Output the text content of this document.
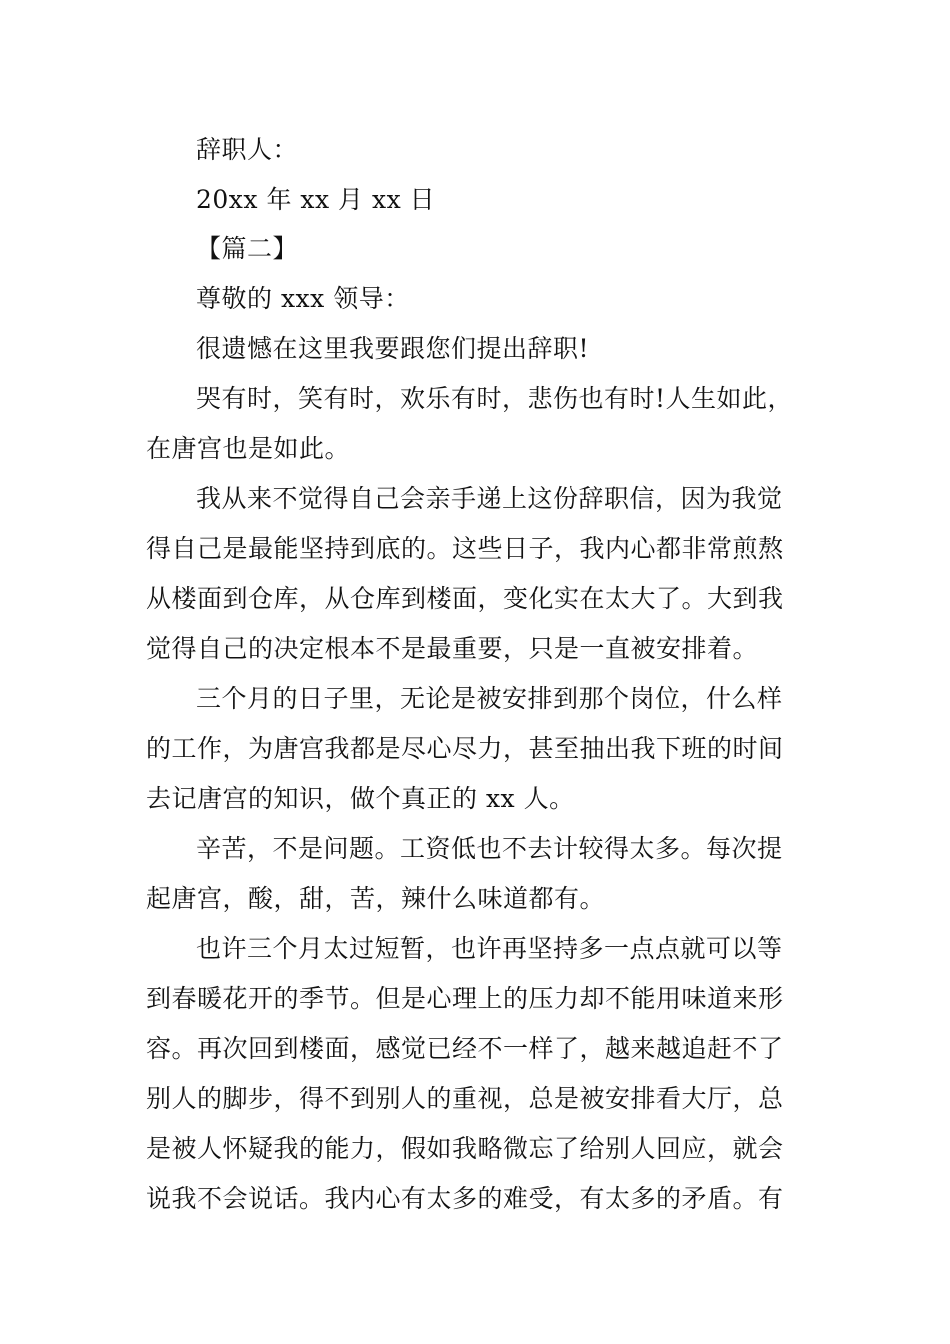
辞职人：
20xx 年 xx 月 xx 日
【篇二】
尊敬的 xxx 领导：
很遗憾在这里我要跟您们提出辞职!
哭有时，笑有时，欢乐有时，悲伤也有时!人生如此，
在唐宫也是如此。
我从来不觉得自己会亲手递上这份辞职信，因为我觉
得自己是最能坚持到底的。这些日子，我内心都非常煎熬
从楼面到仓库，从仓库到楼面，变化实在太大了。大到我
觉得自己的决定根本不是最重要，只是一直被安排着。
三个月的日子里，无论是被安排到那个岗位，什么样
的工作，为唐宫我都是尽心尽力，甚至抽出我下班的时间
去记唐宫的知识，做个真正的 xx 人。
辛苦，不是问题。工资低也不去计较得太多。每次提
起唐宫，酸，甜，苦，辣什么味道都有。
也许三个月太过短暂，也许再坚持多一点点就可以等
到春暖花开的季节。但是心理上的压力却不能用味道来形
容。再次回到楼面，感觉已经不一样了，越来越追赶不了
别人的脚步，得不到别人的重视，总是被安排看大厅，总
是被人怀疑我的能力，假如我略微忘了给别人回应，就会
说我不会说话。我内心有太多的难受，有太多的矛盾。有
